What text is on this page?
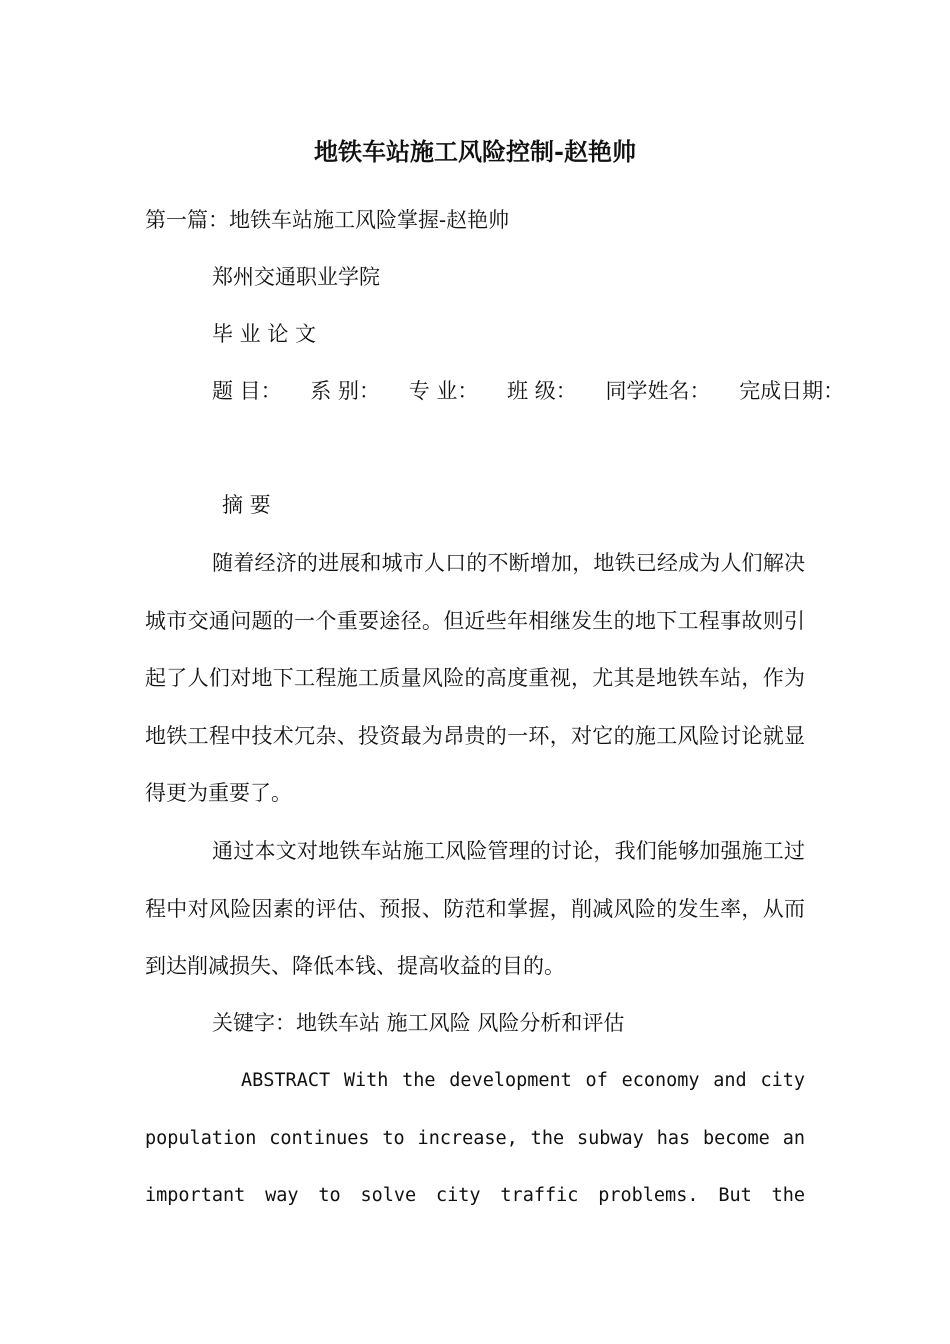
地铁车站施工风险控制-赵艳帅
第一篇：地铁车站施工风险掌握-赵艳帅
郑州交通职业学院
毕 业 论 文
题 目： 系 别： 专 业： 班 级： 同学姓名： 完成日期：
摘 要
随着经济的进展和城市人口的不断增加，地铁已经成为人们解决城市交通问题的一个重要途径。但近些年相继发生的地下工程事故则引起了人们对地下工程施工质量风险的高度重视，尤其是地铁车站，作为地铁工程中技术冗杂、投资最为昂贵的一环，对它的施工风险讨论就显得更为重要了。
通过本文对地铁车站施工风险管理的讨论，我们能够加强施工过程中对风险因素的评估、预报、防范和掌握，削减风险的发生率，从而到达削减损失、降低本钱、提高收益的目的。
关键字：地铁车站 施工风险 风险分析和评估
ABSTRACT With the development of economy and city population continues to increase, the subway has become an important way to solve city traffic problems. But the
